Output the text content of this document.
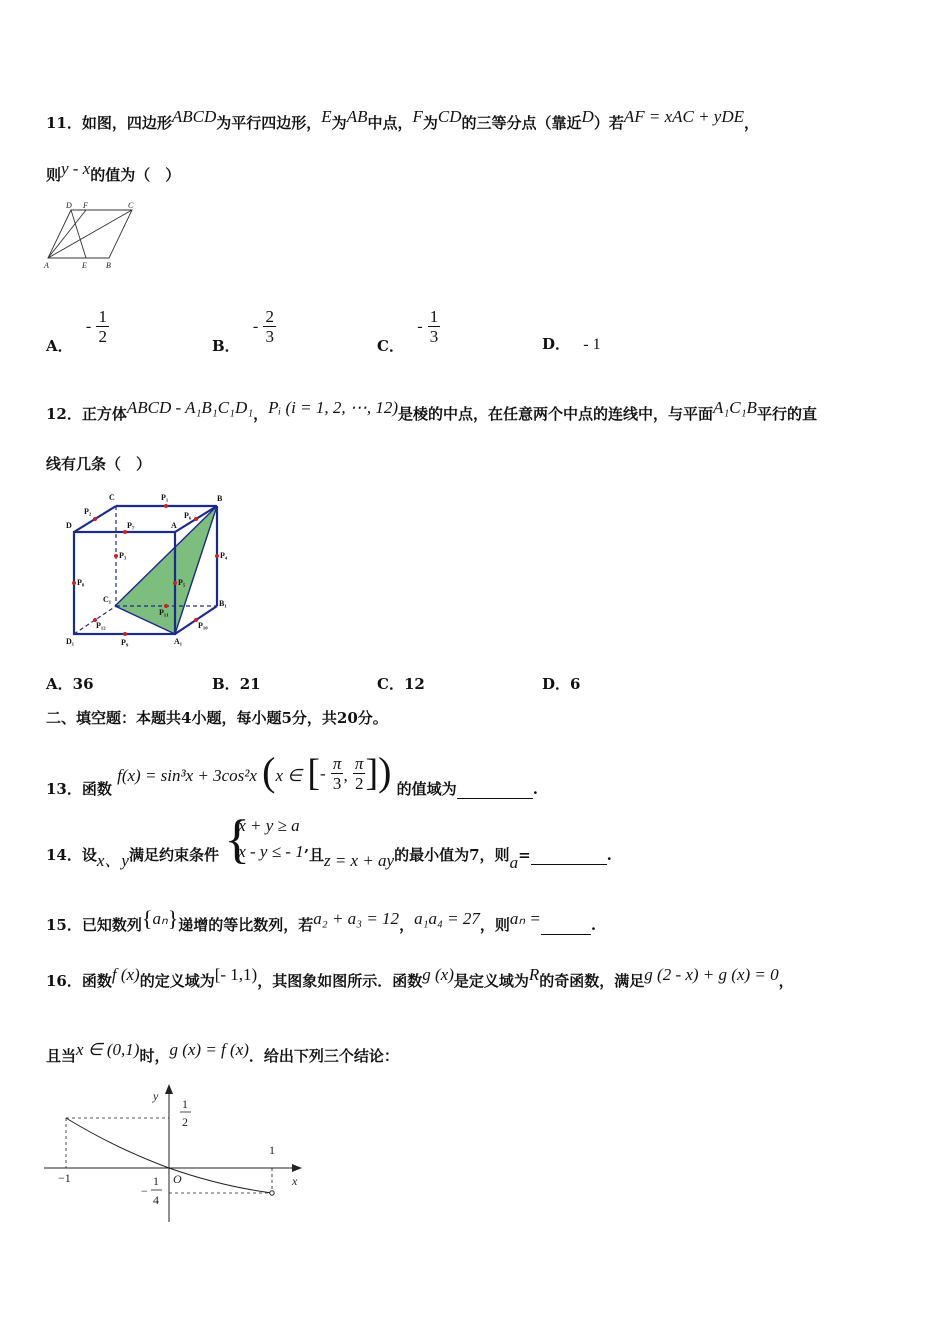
11．如图，四边形ABCD为平行四边形，E为AB中点，F为CD的三等分点（靠近D）若AF = xAC + yDE，
则y - x的值为（　）
D F	C
A	E B
A． - $\frac{1}{2}$	B． - $\frac{2}{3}$	C． - $\frac{1}{3}$	D． - 1
12．正方体ABCD - A₁B₁C₁D₁，Pᵢ (i = 1, 2, ⋯, 12)是棱的中点，在任意两个中点的连线中，与平面A₁C₁B平行的直
线有几条（　）
C	B
D	A
C₁	B₁
D₁	A₁
P₁
P₂
P₃	P₄
P₅
P₆
P₇
P₈
P₉
P₁₀
P₁₁
P₁₂
A．36	B．21	C．12	D．6
二、填空题：本题共4小题，每小题5分，共20分。
13．函数 f(x) = sin³x + 3cos²x (x ∈ [- $\frac{\pi}{3}$ , $\frac{\pi}{2}$ ]) 的值域为	.
14．设x、y满足约束条件 {
x + y ≥ a
x - y ≤ - 1 ’且z = x + ay的最小值为7，则a=	.
15．已知数列{aₙ}递增的等比数列，若a₂ + a₃ = 12，a₁a₄ = 27，则aₙ =	.
16．函数f (x)的定义域为[- 1,1)，其图象如图所示．函数g (x)是定义域为R的奇函数，满足g (2 - x) + g (x) = 0，
且当x ∈ (0,1)时，g (x) = f (x)．给出下列三个结论：
y
x
O
1
2
1
−1
−
1
4
